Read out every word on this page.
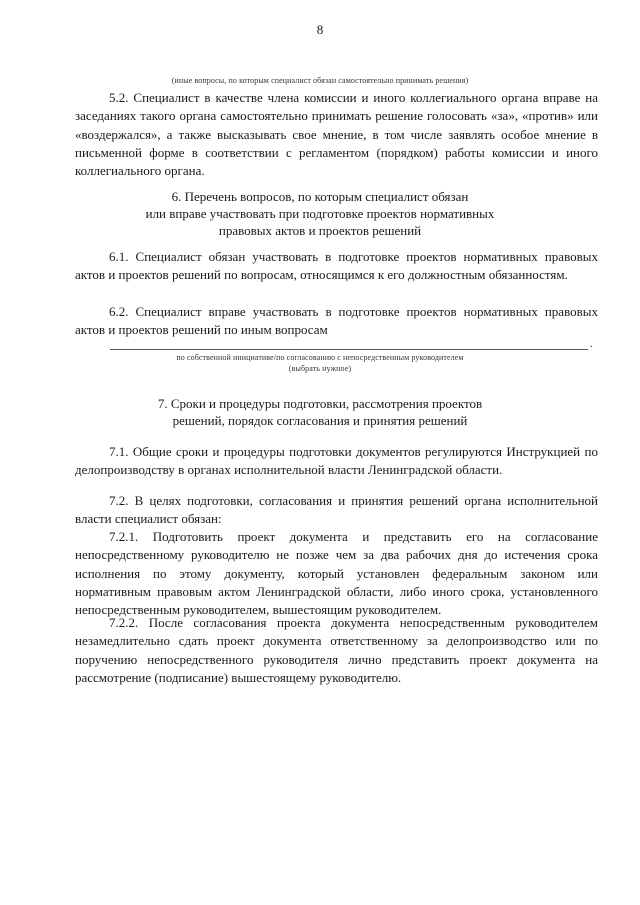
8
(иные вопросы, по которым специалист обязан самостоятельно принимать решения)

5.2. Специалист в качестве члена комиссии и иного коллегиального органа вправе на заседаниях такого органа самостоятельно принимать решение голосовать «за», «против» или «воздержался», а также высказывать свое мнение, в том числе заявлять особое мнение в письменной форме в соответствии с регламентом (порядком) работы комиссии и иного коллегиального органа.

6. Перечень вопросов, по которым специалист обязан
или вправе участвовать при подготовке проектов нормативных
правовых актов и проектов решений

6.1. Специалист обязан участвовать в подготовке проектов нормативных правовых актов и проектов решений по вопросам, относящимся к его должностным обязанностям.

6.2. Специалист вправе участвовать в подготовке проектов нормативных правовых актов и проектов решений по иным вопросам

.
по собственной инициативе/по согласованию с непосредственным руководителем
(выбрать нужное)
7. Сроки и процедуры подготовки, рассмотрения проектов
решений, порядок согласования и принятия решений

7.1. Общие сроки и процедуры подготовки документов регулируются Инструкцией по делопроизводству в органах исполнительной власти Ленинградской области.

7.2. В целях подготовки, согласования и принятия решений органа исполнительной власти специалист обязан:

7.2.1. Подготовить проект документа и представить его на согласование непосредственному руководителю не позже чем за два рабочих дня до истечения срока исполнения по этому документу, который установлен федеральным законом или нормативным правовым актом Ленинградской области, либо иного срока, установленного непосредственным руководителем, вышестоящим руководителем.

7.2.2. После согласования проекта документа непосредственным руководителем незамедлительно сдать проект документа ответственному за делопроизводство или по поручению непосредственного руководителя лично представить проект документа на рассмотрение (подписание) вышестоящему руководителю.
